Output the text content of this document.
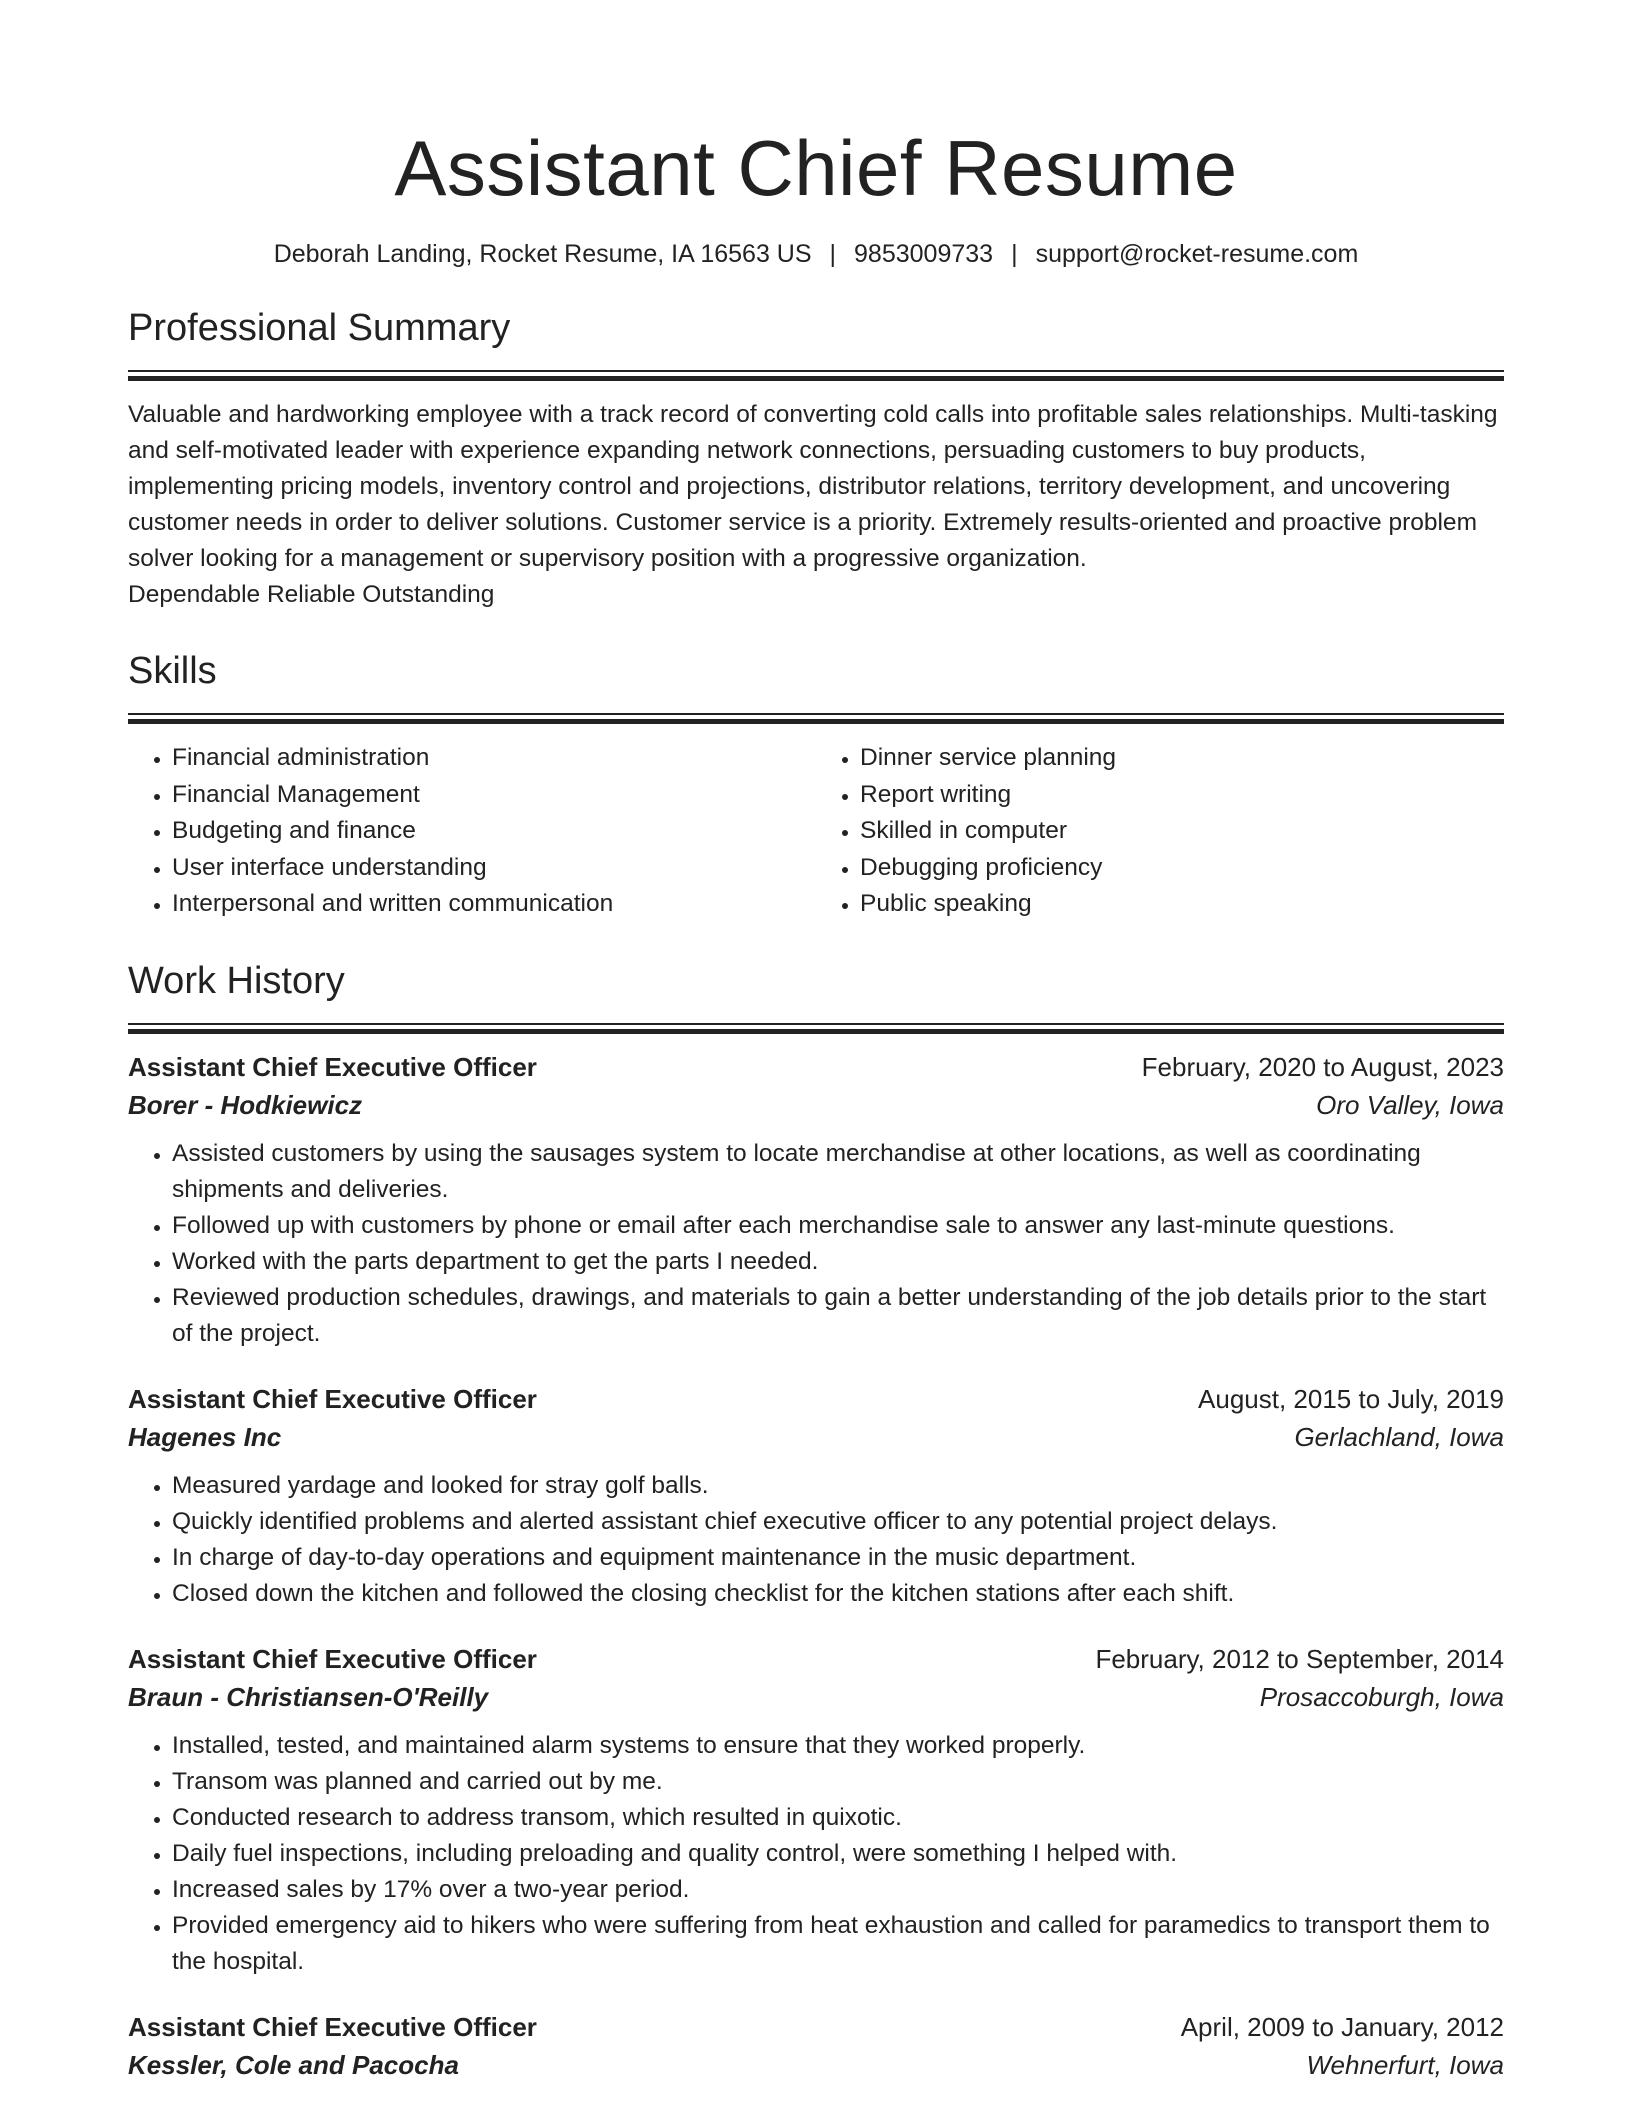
Assistant Chief Resume
Deborah Landing, Rocket Resume, IA 16563 US | 9853009733 | support@rocket-resume.com
Professional Summary

Valuable and hardworking employee with a track record of converting cold calls into profitable sales relationships. Multi-tasking and self-motivated leader with experience expanding network connections, persuading customers to buy products, implementing pricing models, inventory control and projections, distributor relations, territory development, and uncovering customer needs in order to deliver solutions. Customer service is a priority. Extremely results-oriented and proactive problem solver looking for a management or supervisory position with a progressive organization.

Dependable Reliable Outstanding

Skills
• Financial administration
• Financial Management
• Budgeting and finance
• User interface understanding
• Interpersonal and written communication
• Dinner service planning
• Report writing
• Skilled in computer
• Debugging proficiency
• Public speaking
Work History
Assistant Chief Executive Officer	February, 2020 to August, 2023
Borer - Hodkiewicz	Oro Valley, Iowa
• Assisted customers by using the sausages system to locate merchandise at other locations, as well as coordinating shipments and deliveries.
• Followed up with customers by phone or email after each merchandise sale to answer any last-minute questions.
• Worked with the parts department to get the parts I needed.
• Reviewed production schedules, drawings, and materials to gain a better understanding of the job details prior to the start of the project.
Assistant Chief Executive Officer	August, 2015 to July, 2019
Hagenes Inc	Gerlachland, Iowa
• Measured yardage and looked for stray golf balls.
• Quickly identified problems and alerted assistant chief executive officer to any potential project delays.
• In charge of day-to-day operations and equipment maintenance in the music department.
• Closed down the kitchen and followed the closing checklist for the kitchen stations after each shift.
Assistant Chief Executive Officer	February, 2012 to September, 2014
Braun - Christiansen-O'Reilly	Prosaccoburgh, Iowa
• Installed, tested, and maintained alarm systems to ensure that they worked properly.
• Transom was planned and carried out by me.
• Conducted research to address transom, which resulted in quixotic.
• Daily fuel inspections, including preloading and quality control, were something I helped with.
• Increased sales by 17% over a two-year period.
• Provided emergency aid to hikers who were suffering from heat exhaustion and called for paramedics to transport them to the hospital.
Assistant Chief Executive Officer	April, 2009 to January, 2012
Kessler, Cole and Pacocha	Wehnerfurt, Iowa
